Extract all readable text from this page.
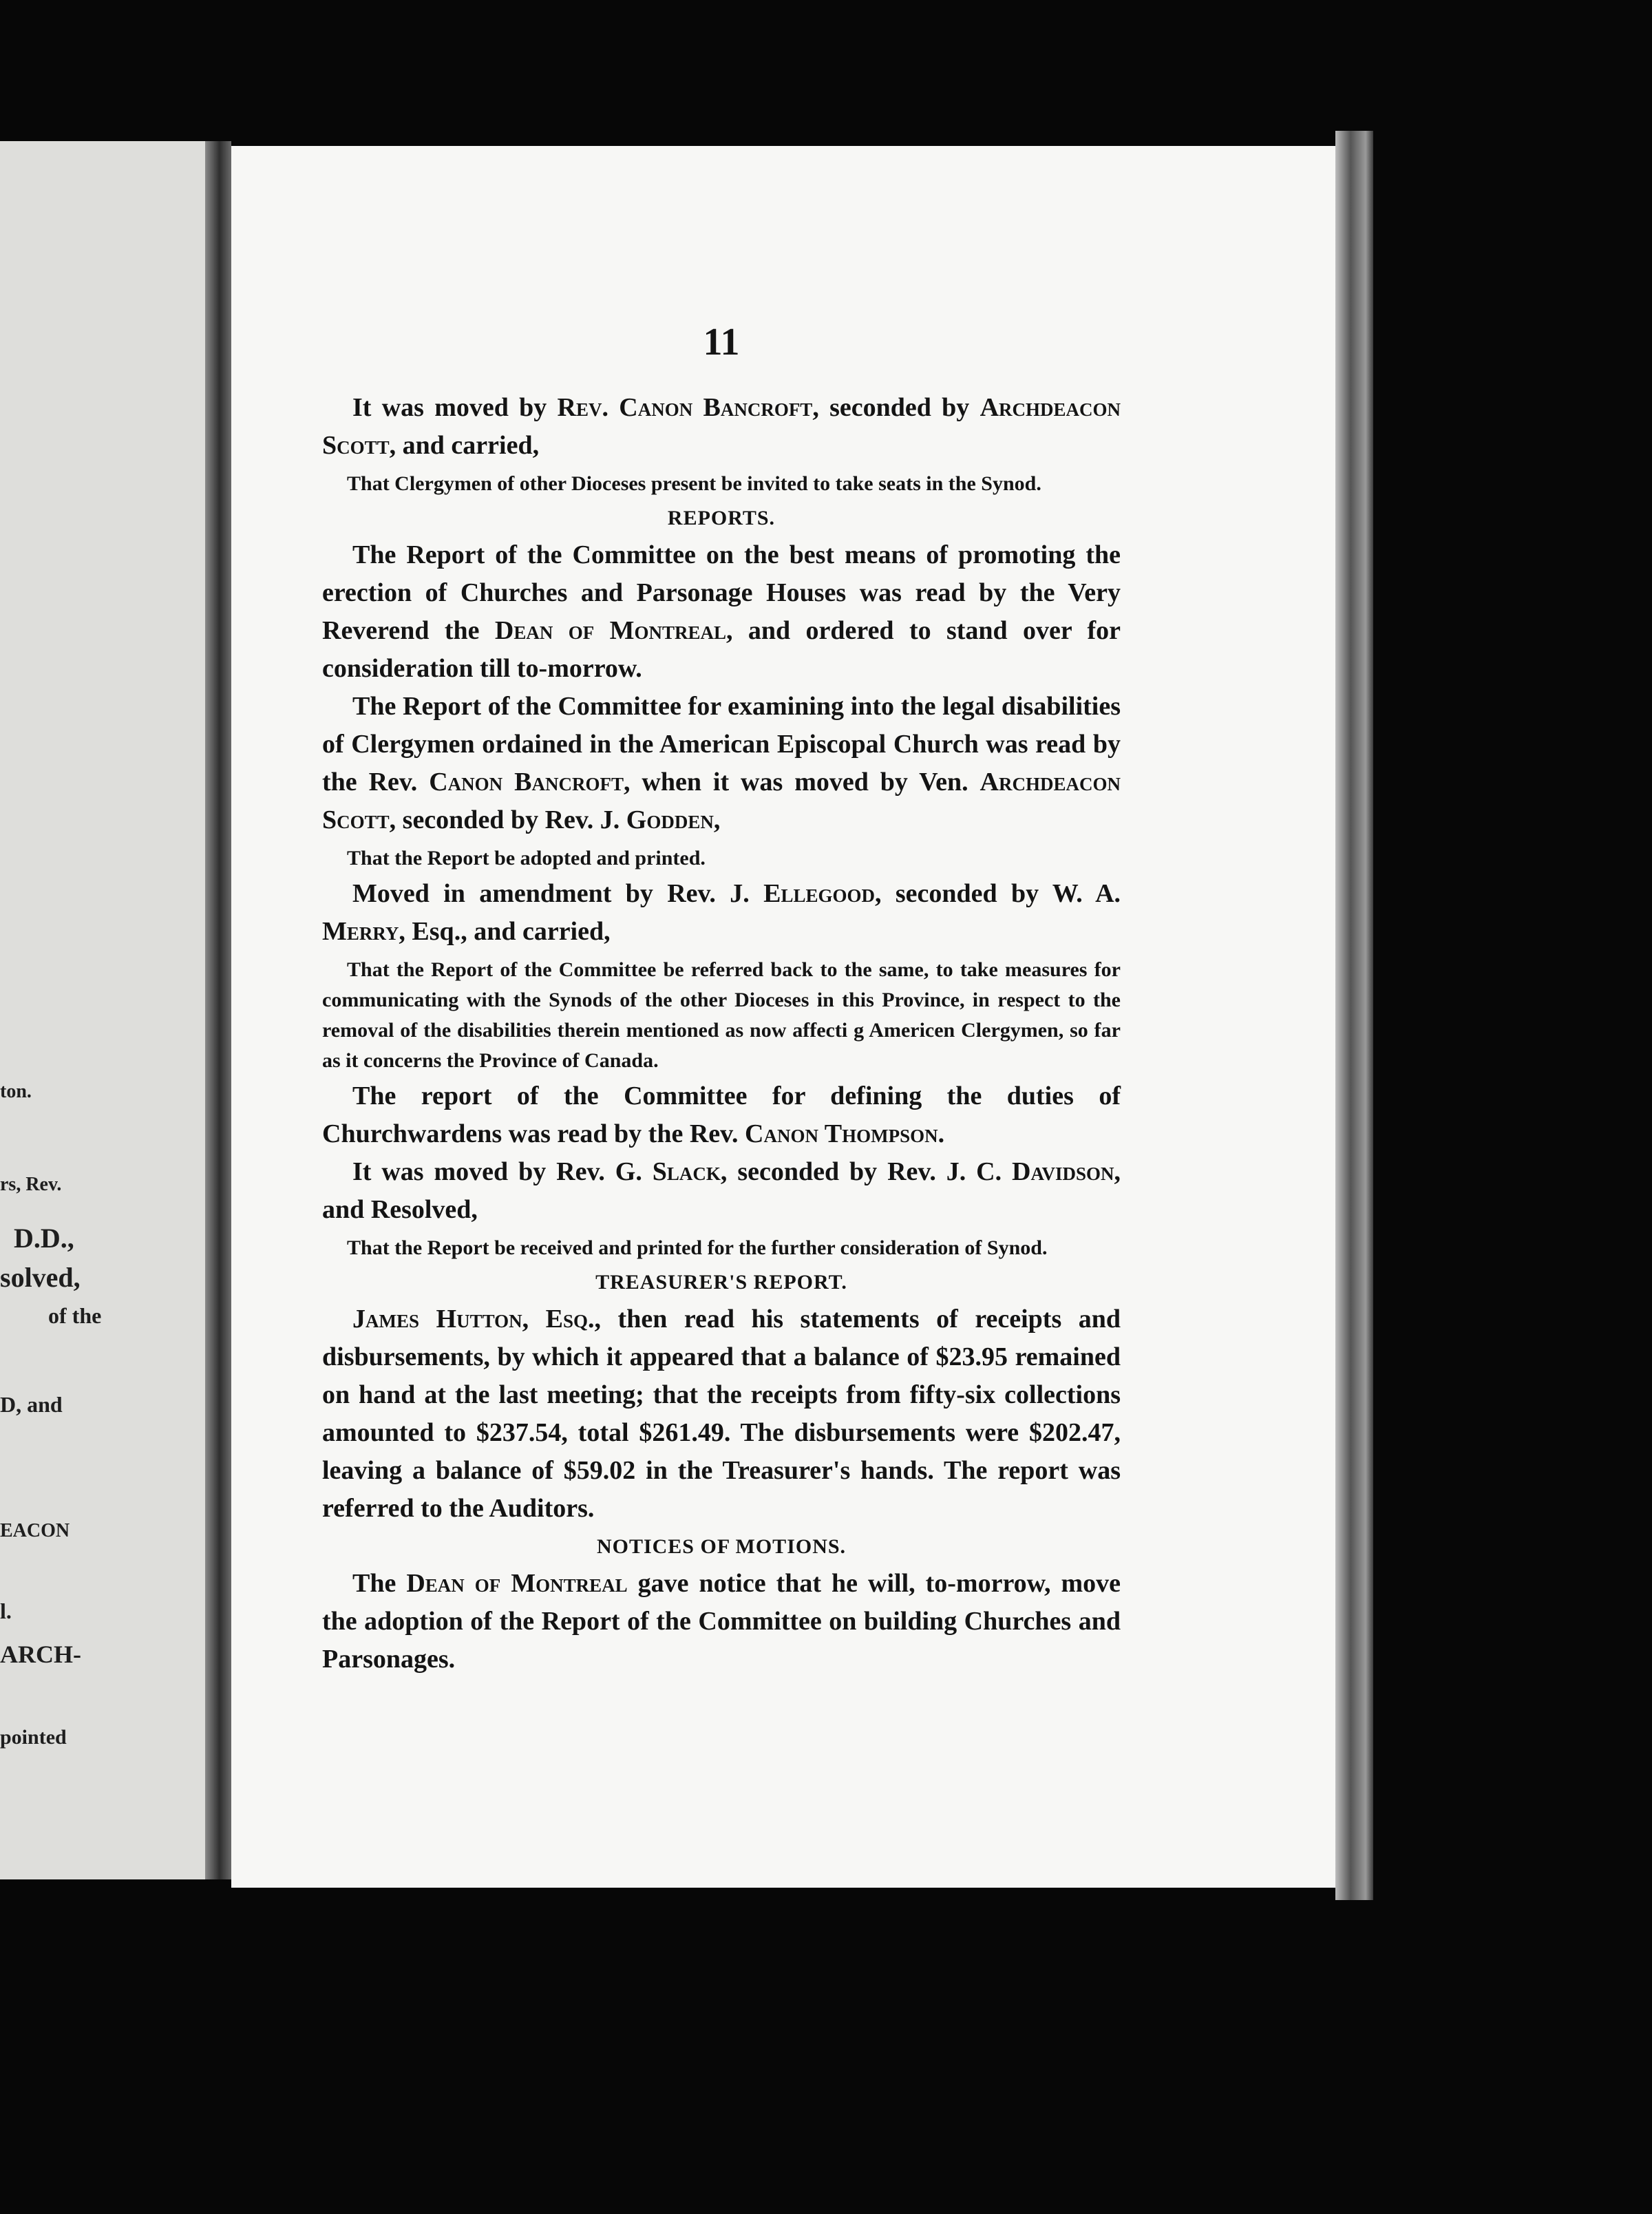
ton.
rs, Rev.
D.D.,
solved,
of the
D, and
EACON
l.
ARCH-
pointed
11

It was moved by Rev. Canon Bancroft, seconded by Archdeacon Scott, and carried,

That Clergymen of other Dioceses present be invited to take seats in the Synod.

REPORTS.

The Report of the Committee on the best means of promoting the erection of Churches and Parsonage Houses was read by the Very Reverend the Dean of Montreal, and ordered to stand over for consideration till to-morrow.

The Report of the Committee for examining into the legal disabilities of Clergymen ordained in the American Episcopal Church was read by the Rev. Canon Bancroft, when it was moved by Ven. Archdeacon Scott, seconded by Rev. J. Godden,

That the Report be adopted and printed.

Moved in amendment by Rev. J. Ellegood, seconded by W. A. Merry, Esq., and carried,

That the Report of the Committee be referred back to the same, to take measures for communicating with the Synods of the other Dioceses in this Province, in respect to the removal of the disabilities therein mentioned as now affecti g Americen Clergymen, so far as it concerns the Province of Canada.

The report of the Committee for defining the duties of Churchwardens was read by the Rev. Canon Thompson.

It was moved by Rev. G. Slack, seconded by Rev. J. C. Davidson, and Resolved,

That the Report be received and printed for the further consideration of Synod.

TREASURER'S REPORT.

James Hutton, Esq., then read his statements of receipts and disbursements, by which it appeared that a balance of $23.95 remained on hand at the last meeting; that the receipts from fifty-six collections amounted to $237.54, total $261.49. The disbursements were $202.47, leaving a balance of $59.02 in the Treasurer's hands. The report was referred to the Auditors.

NOTICES OF MOTIONS.

The Dean of Montreal gave notice that he will, to-morrow, move the adoption of the Report of the Committee on building Churches and Parsonages.
